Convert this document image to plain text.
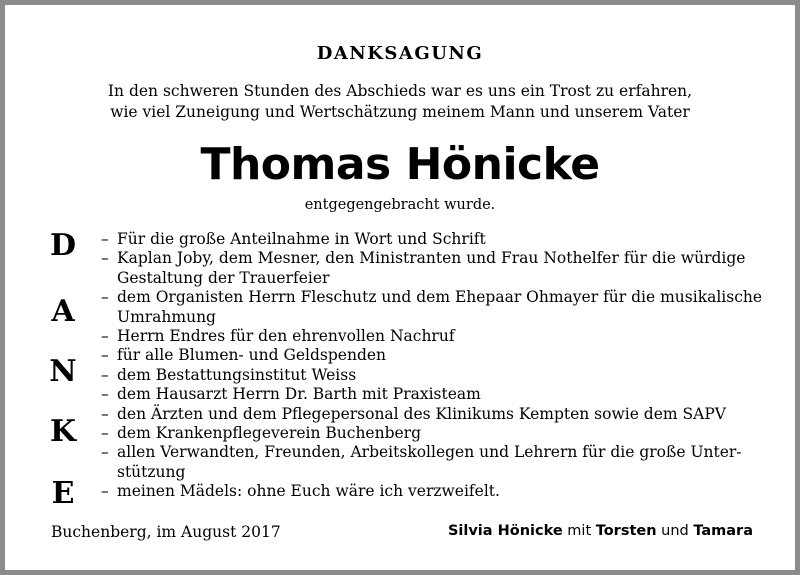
DANKSAGUNG
In den schweren Stunden des Abschieds war es uns ein Trost zu erfahren,
wie viel Zuneigung und Wertschätzung meinem Mann und unserem Vater
Thomas Hönicke
entgegengebracht wurde.
D
A
N
K
E
– Für die große Anteilnahme in Wort und Schrift
– Kaplan Joby, dem Mesner, den Ministranten und Frau Nothelfer für die würdige Gestaltung der Trauerfeier
– dem Organisten Herrn Fleschutz und dem Ehepaar Ohmayer für die musikalische Umrahmung
– Herrn Endres für den ehrenvollen Nachruf
– für alle Blumen- und Geldspenden
– dem Bestattungsinstitut Weiss
– dem Hausarzt Herrn Dr. Barth mit Praxisteam
– den Ärzten und dem Pflegepersonal des Klinikums Kempten sowie dem SAPV
– dem Krankenpflegeverein Buchenberg
– allen Verwandten, Freunden, Arbeitskollegen und Lehrern für die große Unter-stützung
– meinen Mädels: ohne Euch wäre ich verzweifelt.
Buchenberg, im August 2017	Silvia Hönicke mit Torsten und Tamara
